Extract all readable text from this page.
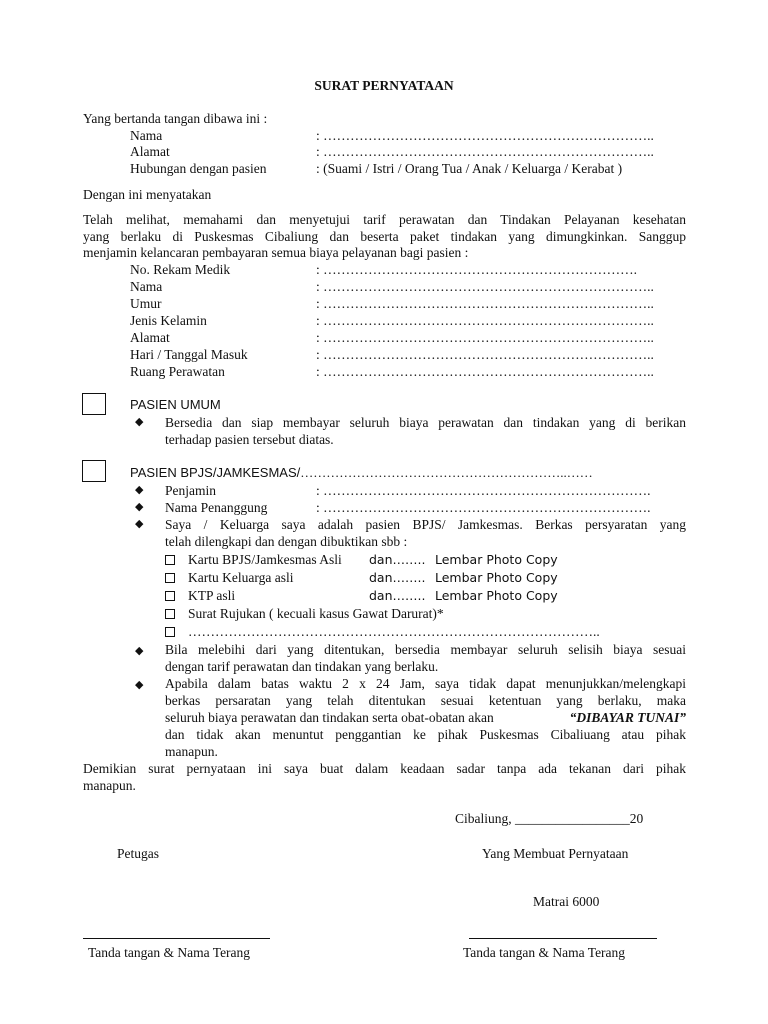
SURAT PERNYATAAN
Yang bertanda tangan dibawa ini :
Nama	: ………………………………………………………………..
Alamat	: ………………………………………………………………..
Hubungan dengan pasien	: (Suami / Istri / Orang Tua / Anak / Keluarga / Kerabat )
Dengan ini menyatakan
Telah melihat, memahami dan menyetujui tarif perawatan dan Tindakan Pelayanan kesehatan
yang berlaku di Puskesmas Cibaliung dan beserta paket tindakan yang dimungkinkan. Sanggup
menjamin kelancaran pembayaran semua biaya pelayanan bagi pasien :
No. Rekam Medik	: …………………………………………………………….
Nama	: ………………………………………………………………..
Umur	: ………………………………………………………………..
Jenis Kelamin	: ………………………………………………………………..
Alamat	: ………………………………………………………………..
Hari / Tanggal Masuk	: ………………………………………………………………..
Ruang Perawatan	: ………………………………………………………………..
PASIEN UMUM
◆ Bersedia dan siap membayar seluruh biaya perawatan dan tindakan yang di berikan
terhadap pasien tersebut diatas.
PASIEN BPJS/JAMKESMAS/……………………………………………………..……
◆ Penjamin	: ……………………………………………………………….
◆ Nama Penanggung	: ……………………………………………………………….
◆ Saya / Keluarga saya adalah pasien BPJS/ Jamkesmas. Berkas persyaratan yang
telah dilengkapi dan dengan dibuktikan sbb :
Kartu BPJS/Jamkesmas Asli dan…….. Lembar Photo Copy
Kartu Keluarga asli	dan…….. Lembar Photo Copy
KTP asli	dan…….. Lembar Photo Copy
Surat Rujukan ( kecuali kasus Gawat Darurat)*
………………………………………………………………………………..
◆ Bila melebihi dari yang ditentukan, bersedia membayar seluruh selisih biaya sesuai
dengan tarif perawatan dan tindakan yang berlaku.
◆ Apabila dalam batas waktu 2 x 24 Jam, saya tidak dapat menunjukkan/melengkapi
berkas persaratan yang telah ditentukan sesuai ketentuan yang berlaku, maka
seluruh biaya perawatan dan tindakan serta obat-obatan akan	“DIBAYAR TUNAI”
dan tidak akan menuntut penggantian ke pihak Puskesmas Cibaliuang atau pihak
manapun.
Demikian surat pernyataan ini saya buat dalam keadaan sadar tanpa ada tekanan dari pihak
manapun.
Cibaliung, _________________20
Petugas	Yang Membuat Pernyataan
Matrai 6000
Tanda tangan & Nama Terang	Tanda tangan & Nama Terang
